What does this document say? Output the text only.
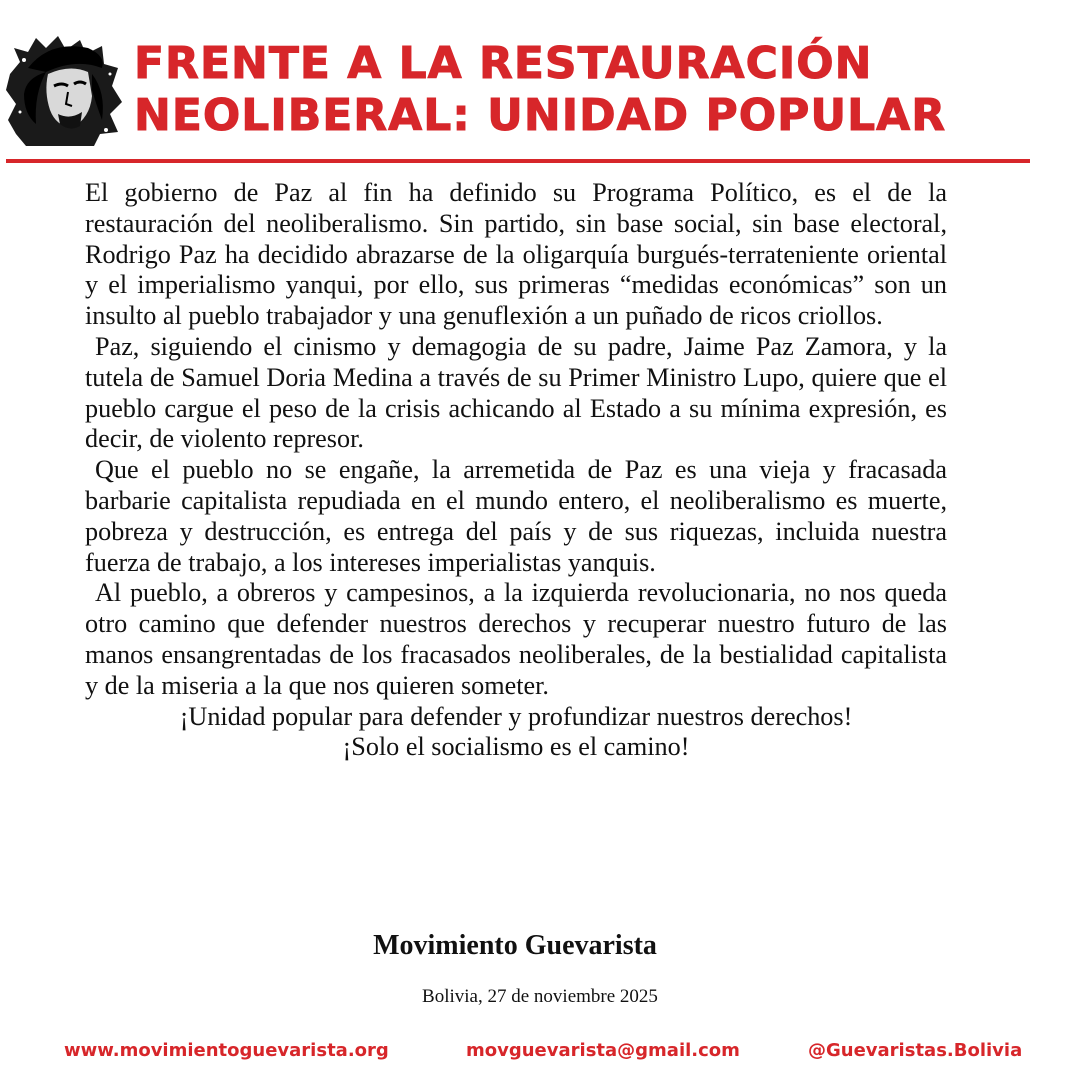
FRENTE A LA RESTAURACIÓN
NEOLIBERAL: UNIDAD POPULAR

El gobierno de Paz al fin ha definido su Programa Político, es el de la restauración del neoliberalismo. Sin partido, sin base social, sin base electoral, Rodrigo Paz ha decidido abrazarse de la oligarquía burgués-terrateniente oriental y el imperialismo yanqui, por ello, sus primeras “medidas económicas” son un insulto al pueblo trabajador y una genuflexión a un puñado de ricos criollos.

Paz, siguiendo el cinismo y demagogia de su padre, Jaime Paz Zamora, y la tutela de Samuel Doria Medina a través de su Primer Ministro Lupo, quiere que el pueblo cargue el peso de la crisis achicando al Estado a su mínima expresión, es decir, de violento represor.

Que el pueblo no se engañe, la arremetida de Paz es una vieja y fracasada barbarie capitalista repudiada en el mundo entero, el neoliberalismo es muerte, pobreza y destrucción, es entrega del país y de sus riquezas, incluida nuestra fuerza de trabajo, a los intereses imperialistas yanquis.

Al pueblo, a obreros y campesinos, a la izquierda revolucionaria, no nos queda otro camino que defender nuestros derechos y recuperar nuestro futuro de las manos ensangrentadas de los fracasados neoliberales, de la bestialidad capitalista y de la miseria a la que nos quieren someter.

¡Unidad popular para defender y profundizar nuestros derechos!

¡Solo el socialismo es el camino!

Movimiento Guevarista
Bolivia, 27 de noviembre 2025
www.movimientoguevarista.org	movguevarista@gmail.com	@Guevaristas.Bolivia
